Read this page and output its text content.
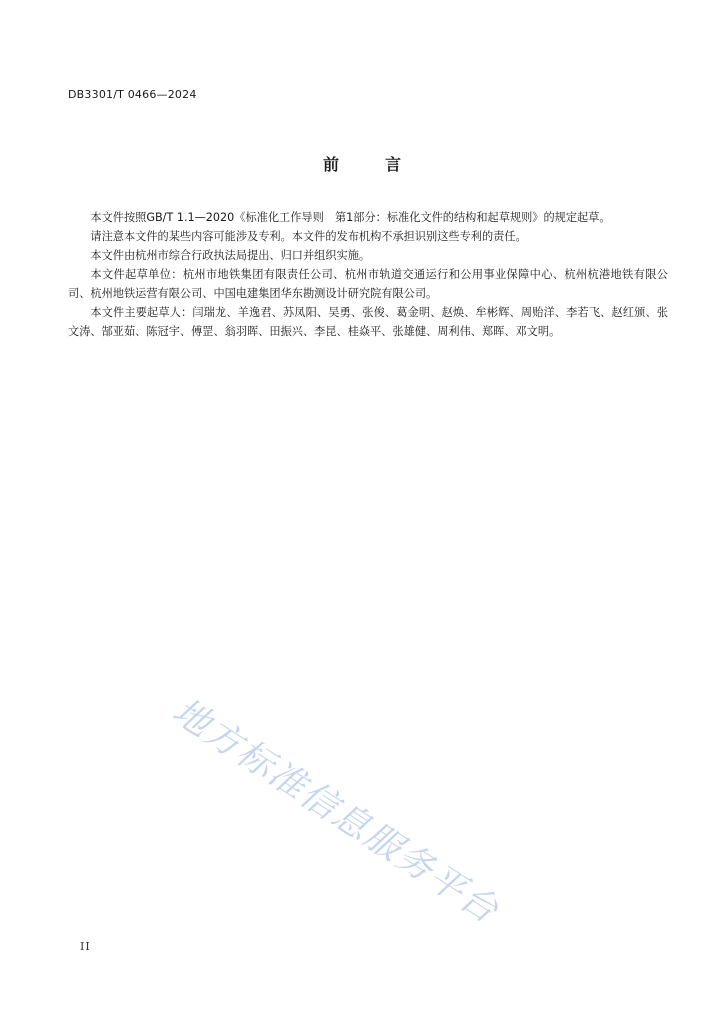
DB3301/T 0466—2024
前	言

本文件按照GB/T 1.1—2020《标准化工作导则　第1部分：标准化文件的结构和起草规则》的规定起草。

请注意本文件的某些内容可能涉及专利。本文件的发布机构不承担识别这些专利的责任。

本文件由杭州市综合行政执法局提出、归口并组织实施。

本文件起草单位：杭州市地铁集团有限责任公司、杭州市轨道交通运行和公用事业保障中心、杭州杭港地铁有限公司、杭州地铁运营有限公司、中国电建集团华东勘测设计研究院有限公司。

本文件主要起草人：闫瑞龙、羊逸君、苏凤阳、吴勇、张俊、葛金明、赵焕、牟彬辉、周贻洋、李若飞、赵红颁、张文涛、郜亚茹、陈冠宇、傅罡、翁羽晖、田振兴、李昆、桂焱平、张雄健、周利伟、郑晖、邓文明。

地方标准信息服务平台
II
